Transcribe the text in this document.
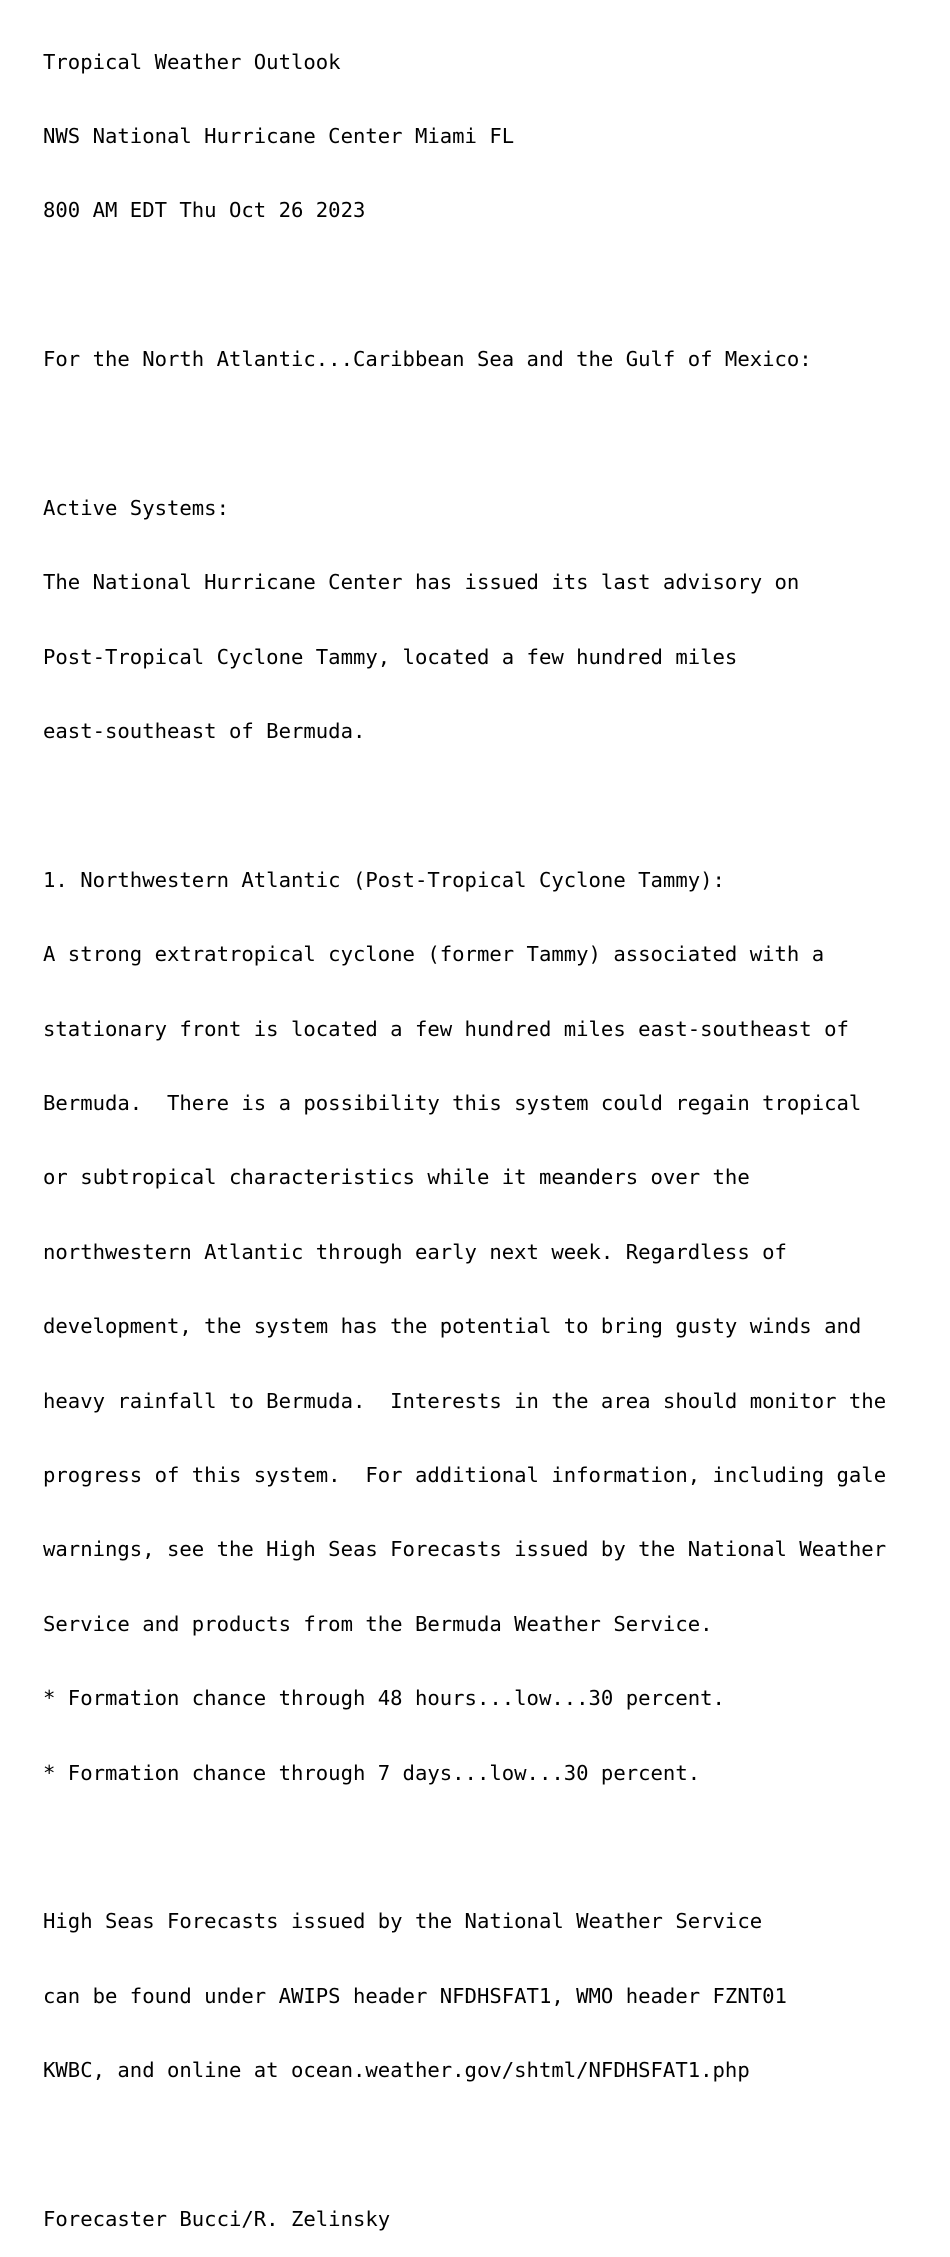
Tropical Weather Outlook

NWS National Hurricane Center Miami FL

800 AM EDT Thu Oct 26 2023

For the North Atlantic...Caribbean Sea and the Gulf of Mexico:

Active Systems:

The National Hurricane Center has issued its last advisory on

Post-Tropical Cyclone Tammy, located a few hundred miles

east-southeast of Bermuda.

1. Northwestern Atlantic (Post-Tropical Cyclone Tammy):

A strong extratropical cyclone (former Tammy) associated with a

stationary front is located a few hundred miles east-southeast of

Bermuda.  There is a possibility this system could regain tropical

or subtropical characteristics while it meanders over the

northwestern Atlantic through early next week. Regardless of

development, the system has the potential to bring gusty winds and

heavy rainfall to Bermuda.  Interests in the area should monitor the

progress of this system.  For additional information, including gale

warnings, see the High Seas Forecasts issued by the National Weather

Service and products from the Bermuda Weather Service.

* Formation chance through 48 hours...low...30 percent.

* Formation chance through 7 days...low...30 percent.

High Seas Forecasts issued by the National Weather Service

can be found under AWIPS header NFDHSFAT1, WMO header FZNT01

KWBC, and online at ocean.weather.gov/shtml/NFDHSFAT1.php

Forecaster Bucci/R. Zelinsky
